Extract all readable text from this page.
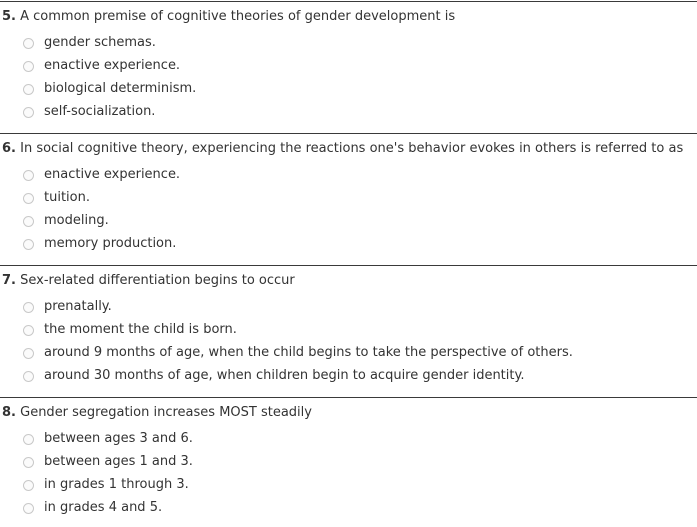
5. A common premise of cognitive theories of gender development is
gender schemas.
enactive experience.
biological determinism.
self-socialization.
6. In social cognitive theory, experiencing the reactions one's behavior evokes in others is referred to as
enactive experience.
tuition.
modeling.
memory production.
7. Sex-related differentiation begins to occur
prenatally.
the moment the child is born.
around 9 months of age, when the child begins to take the perspective of others.
around 30 months of age, when children begin to acquire gender identity.
8. Gender segregation increases MOST steadily
between ages 3 and 6.
between ages 1 and 3.
in grades 1 through 3.
in grades 4 and 5.
